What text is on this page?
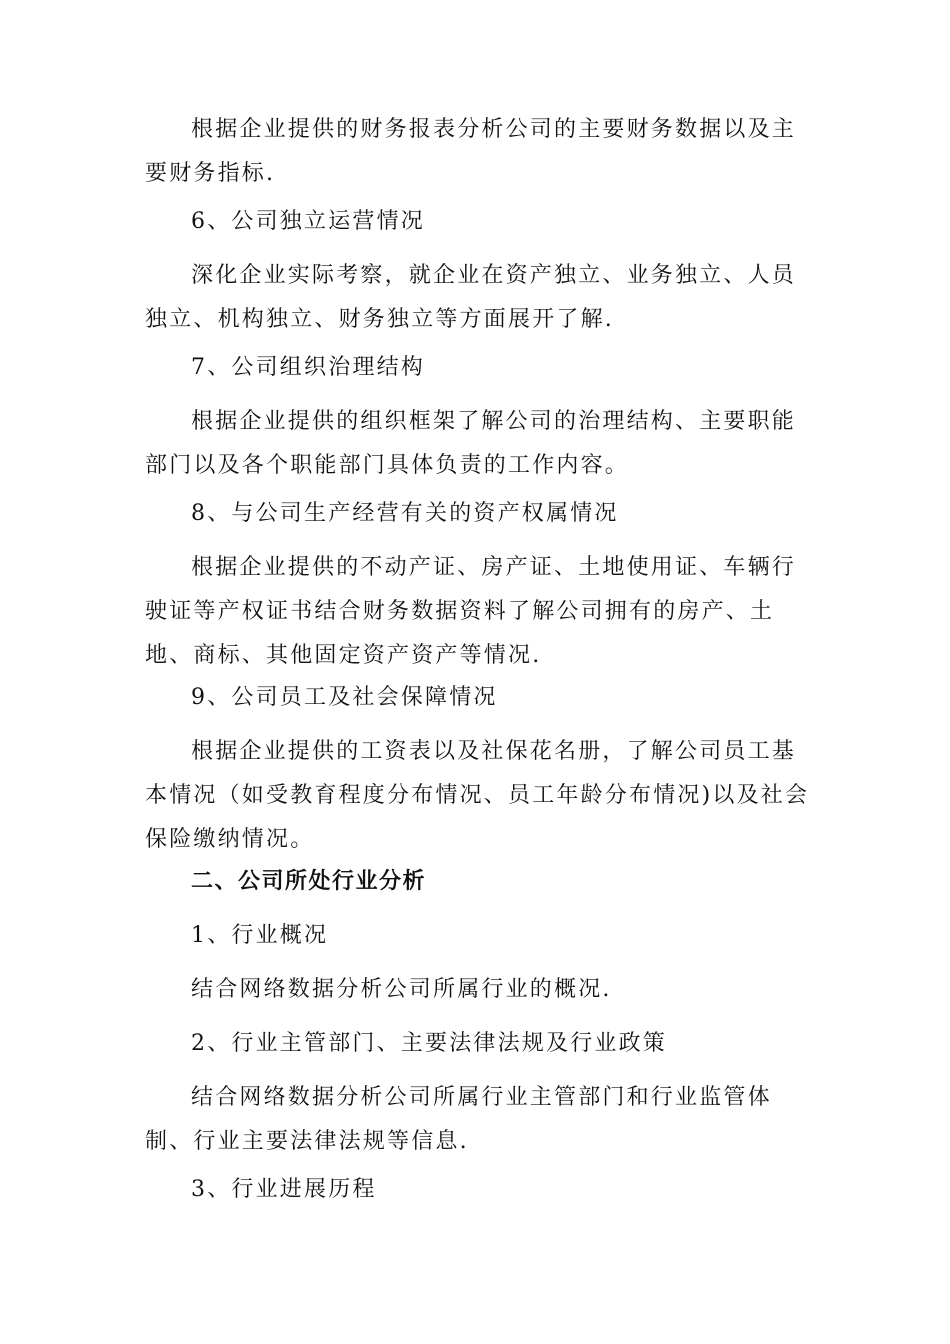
根据企业提供的财务报表分析公司的主要财务数据以及主要财务指标.

6、公司独立运营情况

深化企业实际考察，就企业在资产独立、业务独立、人员独立、机构独立、财务独立等方面展开了解.

7、公司组织治理结构

根据企业提供的组织框架了解公司的治理结构、主要职能部门以及各个职能部门具体负责的工作内容。

8、与公司生产经营有关的资产权属情况

根据企业提供的不动产证、房产证、土地使用证、车辆行驶证等产权证书结合财务数据资料了解公司拥有的房产、土地、商标、其他固定资产资产等情况.

9、公司员工及社会保障情况

根据企业提供的工资表以及社保花名册，了解公司员工基本情况（如受教育程度分布情况、员工年龄分布情况)以及社会保险缴纳情况。

二、公司所处行业分析

1、行业概况

结合网络数据分析公司所属行业的概况.

2、行业主管部门、主要法律法规及行业政策

结合网络数据分析公司所属行业主管部门和行业监管体制、行业主要法律法规等信息.

3、行业进展历程
